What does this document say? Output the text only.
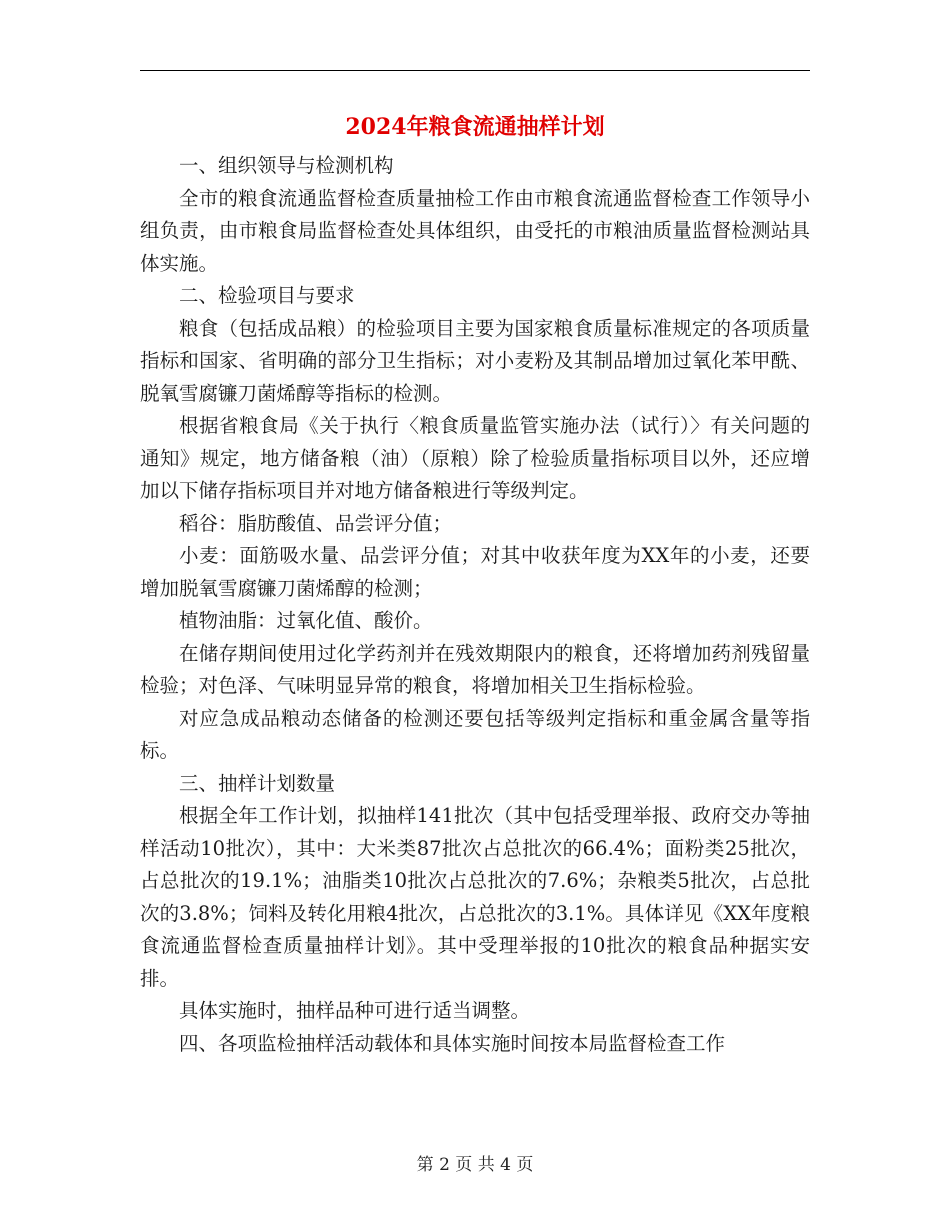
2024年粮食流通抽样计划

一、组织领导与检测机构

全市的粮食流通监督检查质量抽检工作由市粮食流通监督检查工作领导小组负责，由市粮食局监督检查处具体组织，由受托的市粮油质量监督检测站具体实施。

二、检验项目与要求

粮食（包括成品粮）的检验项目主要为国家粮食质量标准规定的各项质量指标和国家、省明确的部分卫生指标；对小麦粉及其制品增加过氧化苯甲酰、脱氧雪腐镰刀菌烯醇等指标的检测。

根据省粮食局《关于执行〈粮食质量监管实施办法（试行）〉有关问题的通知》规定，地方储备粮（油）（原粮）除了检验质量指标项目以外，还应增加以下储存指标项目并对地方储备粮进行等级判定。

稻谷：脂肪酸值、品尝评分值；

小麦：面筋吸水量、品尝评分值；对其中收获年度为XX年的小麦，还要增加脱氧雪腐镰刀菌烯醇的检测；

植物油脂：过氧化值、酸价。

在储存期间使用过化学药剂并在残效期限内的粮食，还将增加药剂残留量检验；对色泽、气味明显异常的粮食，将增加相关卫生指标检验。

对应急成品粮动态储备的检测还要包括等级判定指标和重金属含量等指标。

三、抽样计划数量

根据全年工作计划，拟抽样141批次（其中包括受理举报、政府交办等抽样活动10批次），其中：大米类87批次占总批次的66.4%；面粉类25批次，占总批次的19.1%；油脂类10批次占总批次的7.6%；杂粮类5批次，占总批次的3.8%；饲料及转化用粮4批次，占总批次的3.1%。具体详见《XX年度粮食流通监督检查质量抽样计划》。其中受理举报的10批次的粮食品种据实安排。

具体实施时，抽样品种可进行适当调整。

四、各项监检抽样活动载体和具体实施时间按本局监督检查工作

第 2 页 共 4 页
